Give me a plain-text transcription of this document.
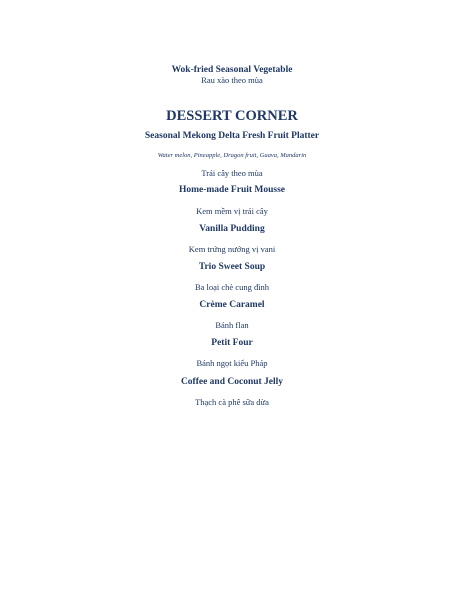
Wok-fried Seasonal Vegetable
Rau xào theo mùa
DESSERT CORNER
Seasonal Mekong Delta Fresh Fruit Platter
Water melon, Pineapple, Dragon fruit, Guava, Mandarin
Trái cây theo mùa
Home-made Fruit Mousse
Kem mềm vị trái cây
Vanilla Pudding
Kem trứng nướng vị vani
Trio Sweet Soup
Ba loại chè cung đình
Crème Caramel
Bánh flan
Petit Four
Bánh ngọt kiểu Pháp
Coffee and Coconut Jelly
Thạch cà phê sữa dừa
